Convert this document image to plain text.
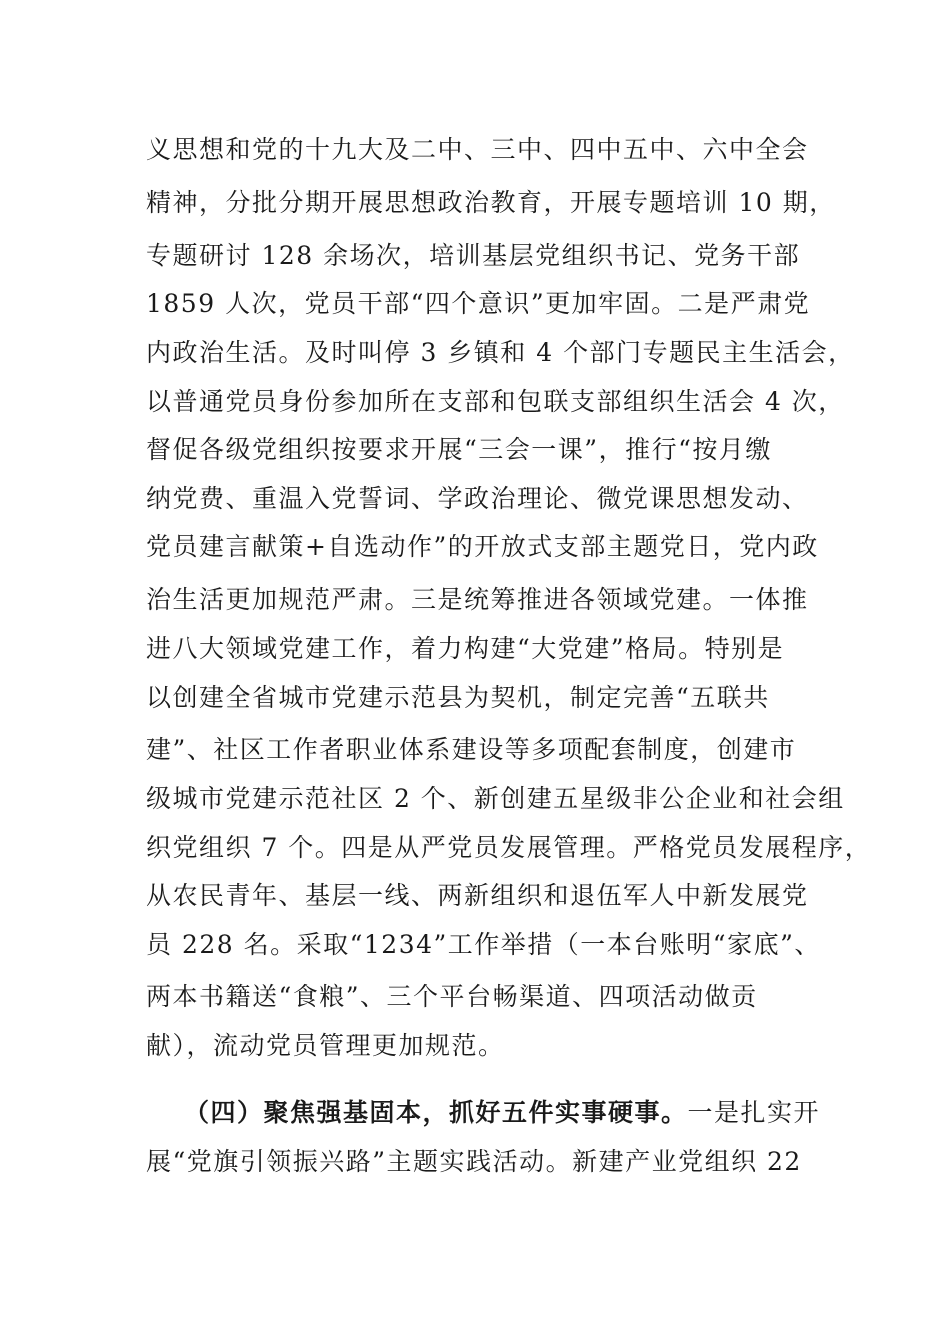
义思想和党的十九大及二中、三中、四中五中、六中全会
精神，分批分期开展思想政治教育，开展专题培训 10 期，
专题研讨 128 余场次，培训基层党组织书记、党务干部
1859 人次，党员干部“四个意识”更加牢固。二是严肃党
内政治生活。及时叫停 3 乡镇和 4 个部门专题民主生活会，
以普通党员身份参加所在支部和包联支部组织生活会 4 次，
督促各级党组织按要求开展“三会一课”，推行“按月缴
纳党费、重温入党誓词、学政治理论、微党课思想发动、
党员建言献策+自选动作”的开放式支部主题党日，党内政
治生活更加规范严肃。三是统筹推进各领域党建。一体推
进八大领域党建工作，着力构建“大党建”格局。特别是
以创建全省城市党建示范县为契机，制定完善“五联共
建”、社区工作者职业体系建设等多项配套制度，创建市
级城市党建示范社区 2 个、新创建五星级非公企业和社会组
织党组织 7 个。四是从严党员发展管理。严格党员发展程序，
从农民青年、基层一线、两新组织和退伍军人中新发展党
员 228 名。采取“1234”工作举措（一本台账明“家底”、
两本书籍送“食粮”、三个平台畅渠道、四项活动做贡
献），流动党员管理更加规范。
（四）聚焦强基固本，抓好五件实事硬事。一是扎实开
展“党旗引领振兴路”主题实践活动。新建产业党组织 22
